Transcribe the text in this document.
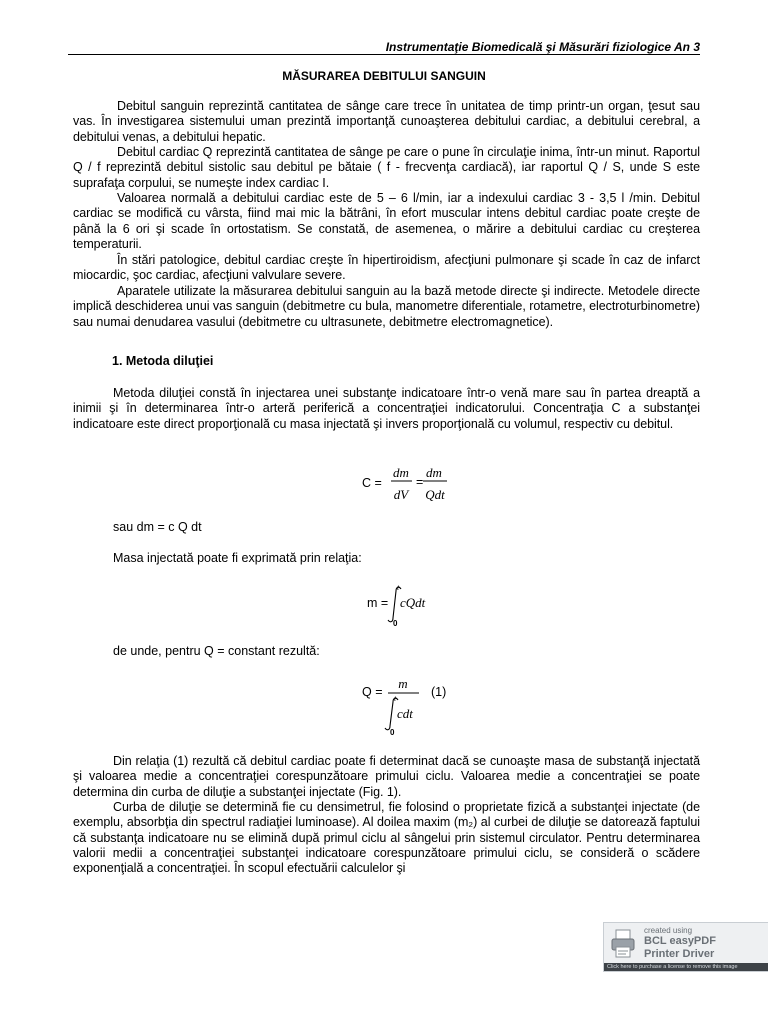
Instrumentaţie Biomedicală şi Măsurări fiziologice An 3
MĂSURAREA DEBITULUI SANGUIN

Debitul sanguin reprezintă cantitatea de sânge care trece în unitatea de timp printr-un organ, ţesut sau vas. În investigarea sistemului uman prezintă importanţă cunoaşterea debitului cardiac, a debitului cerebral, a debitului venas, a debitului hepatic.

Debitul cardiac Q reprezintă cantitatea de sânge pe care o pune în circulaţie inima, într-un minut. Raportul Q / f reprezintă debitul sistolic sau debitul pe bătaie ( f - frecvenţa cardiacă), iar raportul Q / S, unde S este suprafaţa corpului, se numeşte index cardiac I.

Valoarea normală a debitului cardiac este de 5 – 6 l/min, iar a indexului cardiac 3 - 3,5 l /min. Debitul cardiac se modifică cu vârsta, fiind mai mic la bătrâni, în efort muscular intens debitul cardiac poate creşte de până la 6 ori şi scade în ortostatism. Se constată, de asemenea, o mărire a debitului cardiac cu creşterea temperaturii.

În stări patologice, debitul cardiac creşte în hipertiroidism, afecţiuni pulmonare şi scade în caz de infarct miocardic, şoc cardiac, afecţiuni valvulare severe.

Aparatele utilizate la măsurarea debitului sanguin au la bază metode directe şi indirecte. Metodele directe implică deschiderea unui vas sanguin (debitmetre cu bula, manometre diferentiale, rotametre, electroturbinometre) sau numai denudarea vasului (debitmetre cu ultrasunete, debitmetre electromagnetice).

1. Metoda diluţiei

Metoda diluţiei constă în injectarea unei substanţe indicatoare într-o venă mare sau în partea dreaptă a inimii şi în determinarea într-o arteră periferică a concentraţiei indicatorului. Concentraţia C a substanţei indicatoare este direct proporţională cu masa injectată şi invers proporţională cu volumul, respectiv cu debitul.

C =
dm
dV
=
dm
Qdt

sau dm = c Q dt

Masa injectată poate fi exprimată prin relaţia:

m =
t
0
cQdt

de unde, pentru Q = constant rezultă:

Q =
m
t
0
cdt
(1)

Din relaţia (1) rezultă că debitul cardiac poate fi determinat dacă se cunoaşte masa de substanţă injectată şi valoarea medie a concentraţiei corespunzătoare primului ciclu. Valoarea medie a concentraţiei se poate determina din curba de diluţie a substanţei injectate (Fig. 1).

Curba de diluţie se determină fie cu densimetrul, fie folosind o proprietate fizică a substanţei injectate (de exemplu, absorbţia din spectrul radiaţiei luminoase). Al doilea maxim (m₂) al curbei de diluţie se datorează faptului că substanţa indicatoare nu se elimină după primul ciclu al sângelui prin sistemul circulator. Pentru determinarea valorii medii a concentraţiei substanţei indicatoare corespunzătoare primului ciclu, se consideră o scădere exponenţială a concentraţiei. În scopul efectuării calculelor şi

created using
BCL easyPDF
Printer Driver
Click here to purchase a license to remove this image
